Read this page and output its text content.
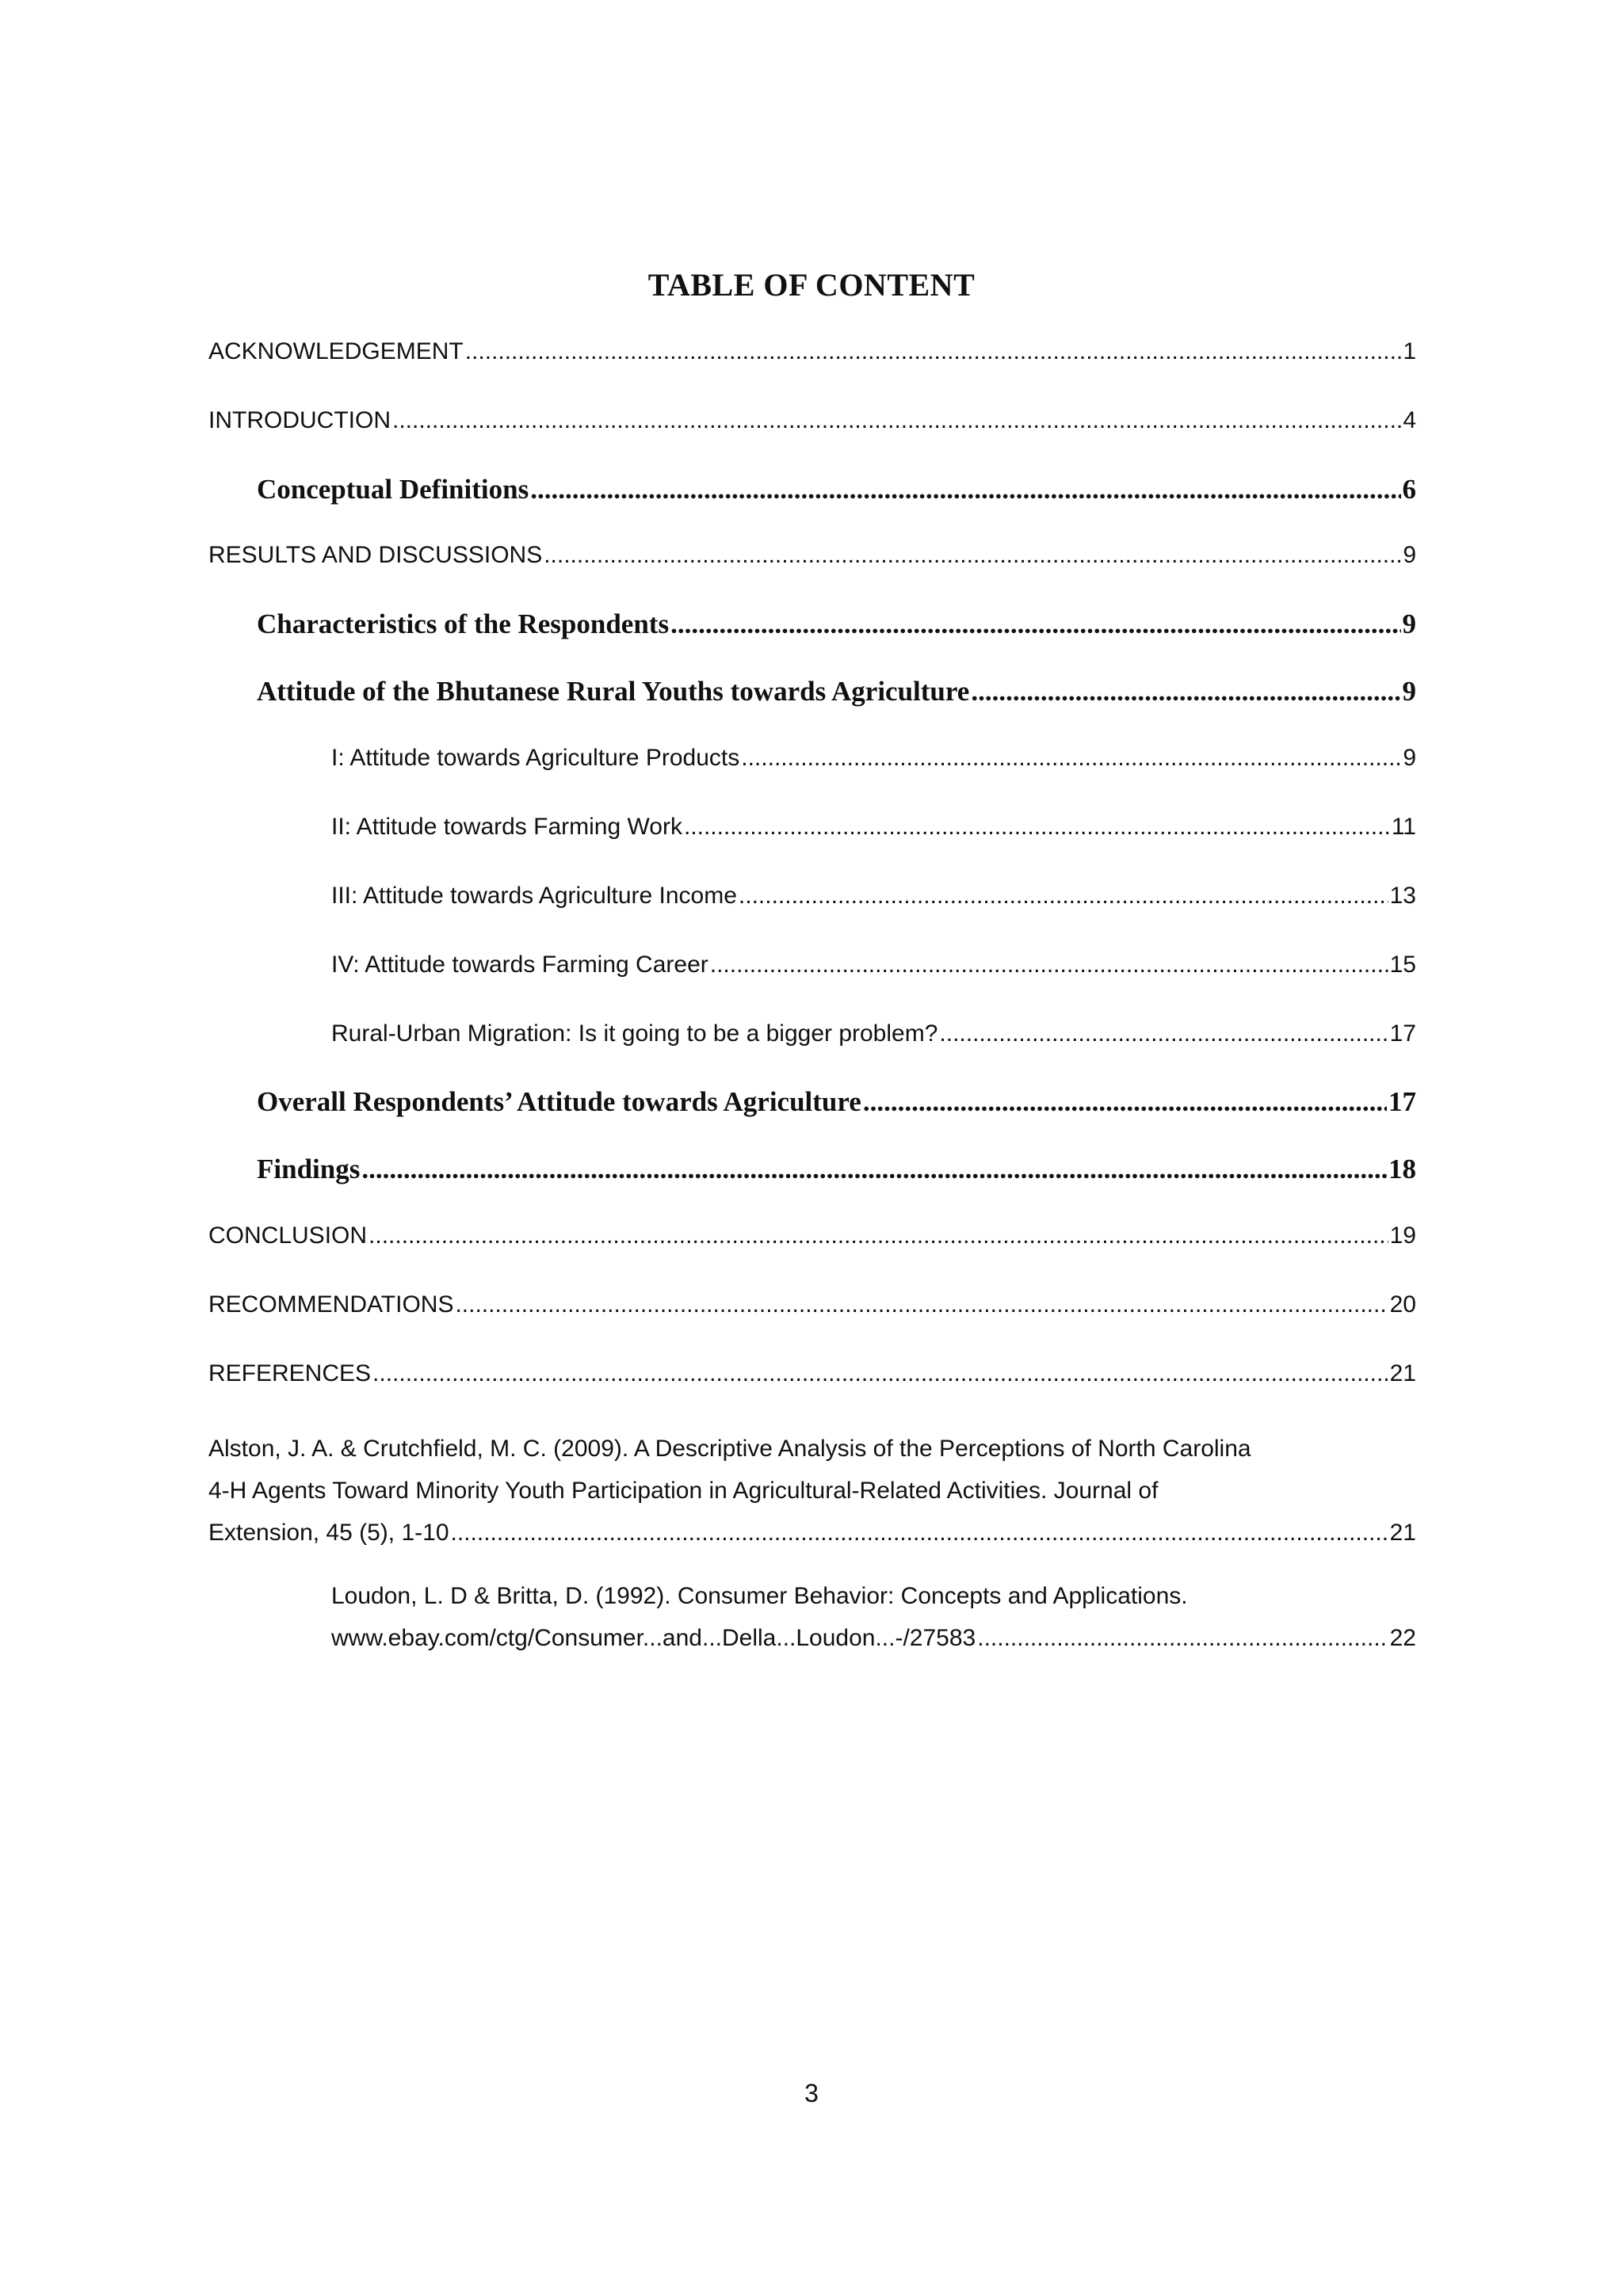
TABLE OF CONTENT
ACKNOWLEDGEMENT .....	1
INTRODUCTION .....	4
Conceptual Definitions .....	6
RESULTS AND DISCUSSIONS .....	9
Characteristics of the Respondents .....	9
Attitude of the Bhutanese Rural Youths towards Agriculture .....	9
I: Attitude towards Agriculture Products .....	9
II: Attitude towards Farming Work .....	11
III: Attitude towards Agriculture Income .....	13
IV: Attitude towards Farming Career .....	15
Rural-Urban Migration: Is it going to be a bigger problem? .....	17
Overall Respondents’ Attitude towards Agriculture .....	17
Findings .....	18
CONCLUSION .....	19
RECOMMENDATIONS .....	20
REFERENCES .....	21
Alston, J. A. & Crutchfield, M. C. (2009). A Descriptive Analysis of the Perceptions of North Carolina
4-H Agents Toward Minority Youth Participation in Agricultural-Related Activities. Journal of
Extension, 45 (5), 1-10 .....	21
Loudon, L. D & Britta, D. (1992). Consumer Behavior: Concepts and Applications.
www.ebay.com/ctg/Consumer...and...Della...Loudon...-/27583 .....	22
3
